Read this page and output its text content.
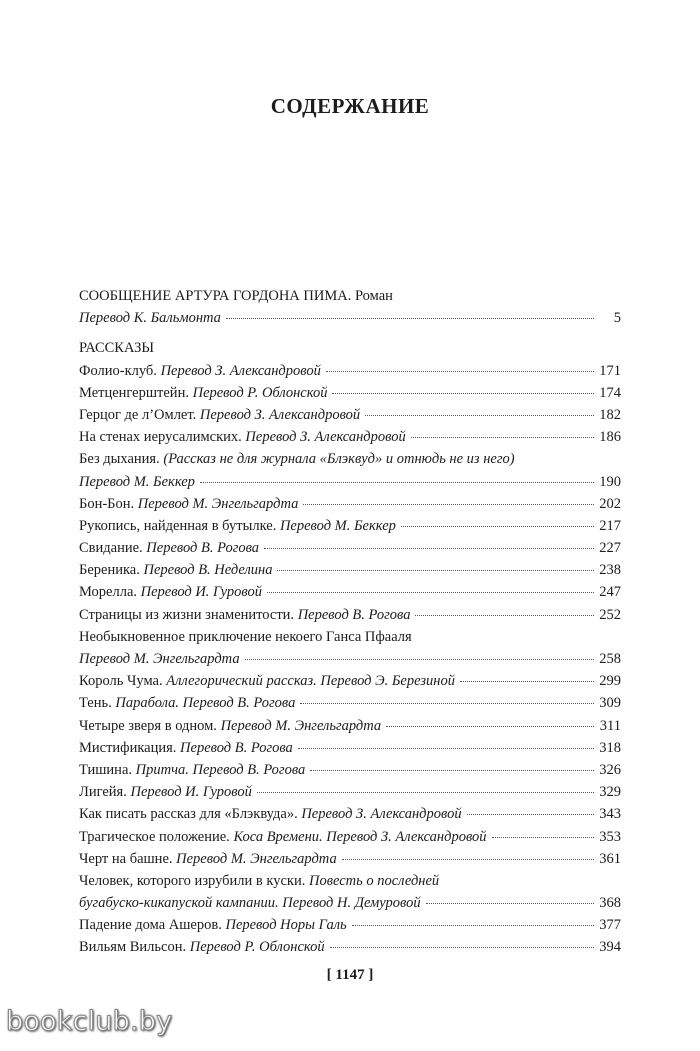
СОДЕРЖАНИЕ
СООБЩЕНИЕ АРТУРА ГОРДОНА ПИМА. Роман
Перевод К. Бальмонта	5
РАССКАЗЫ
Фолио-клуб. Перевод З. Александровой	171
Метценгерштейн. Перевод Р. Облонской	174
Герцог де л’Омлет. Перевод З. Александровой	182
На стенах иерусалимских. Перевод З. Александровой	186
Без дыхания. (Рассказ не для журнала «Блэквуд» и отнюдь не из него)
Перевод М. Беккер	190
Бон-Бон. Перевод М. Энгельгардта	202
Рукопись, найденная в бутылке. Перевод М. Беккер	217
Свидание. Перевод В. Рогова	227
Береника. Перевод В. Неделина	238
Морелла. Перевод И. Гуровой	247
Страницы из жизни знаменитости. Перевод В. Рогова	252
Необыкновенное приключение некоего Ганса Пфааля
Перевод М. Энгельгардта	258
Король Чума. Аллегорический рассказ. Перевод Э. Березиной	299
Тень. Парабола. Перевод В. Рогова	309
Четыре зверя в одном. Перевод М. Энгельгардта	311
Мистификация. Перевод В. Рогова	318
Тишина. Притча. Перевод В. Рогова	326
Лигейя. Перевод И. Гуровой	329
Как писать рассказ для «Блэквуда». Перевод З. Александровой	343
Трагическое положение. Коса Времени. Перевод З. Александровой	353
Черт на башне. Перевод М. Энгельгардта	361
Человек, которого изрубили в куски. Повесть о последней
бугабуско-кикапуской кампании. Перевод Н. Демуровой	368
Падение дома Ашеров. Перевод Норы Галь	377
Вильям Вильсон. Перевод Р. Облонской	394
[ 1147 ]
bookclub.by
